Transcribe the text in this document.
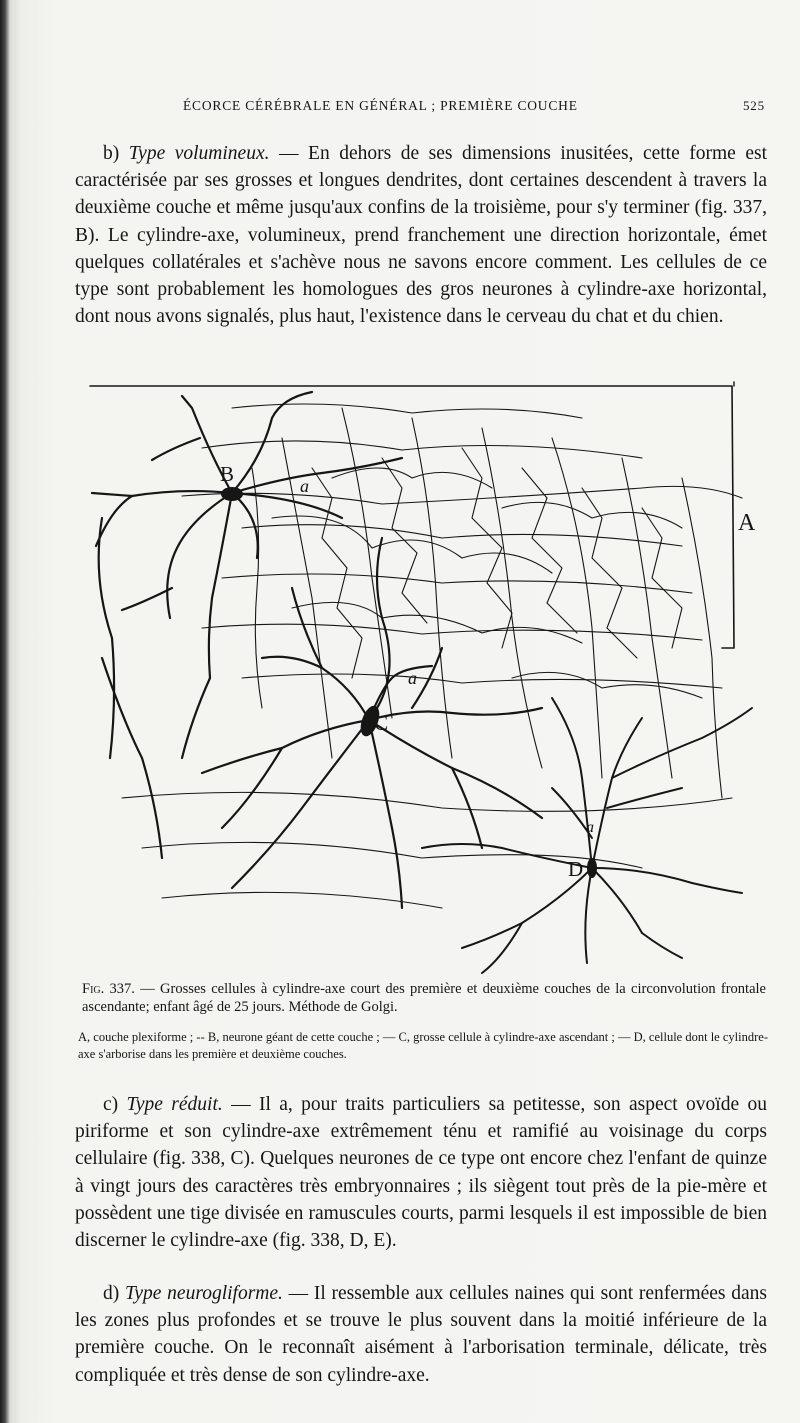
ÉCORCE CÉRÉBRALE EN GÉNÉRAL ; PREMIÈRE COUCHE	525

b) Type volumineux. — En dehors de ses dimensions inusitées, cette forme est caractérisée par ses grosses et longues dendrites, dont certaines descendent à travers la deuxième couche et même jusqu'aux confins de la troisième, pour s'y terminer (fig. 337, B). Le cylindre-axe, volumineux, prend franchement une direction horizontale, émet quelques collatérales et s'achève nous ne savons encore comment. Les cellules de ce type sont probablement les homologues des gros neurones à cylindre-axe horizontal, dont nous avons signalés, plus haut, l'existence dans le cerveau du chat et du chien.

B
C
D
A
a
a
a

Fig. 337. — Grosses cellules à cylindre-axe court des première et deuxième couches de la circonvolution frontale ascendante; enfant âgé de 25 jours. Méthode de Golgi.

A, couche plexiforme ; -- B, neurone géant de cette couche ; — C, grosse cellule à cylindre-axe ascendant ; — D, cellule dont le cylindre-axe s'arborise dans les première et deuxième couches.

c) Type réduit. — Il a, pour traits particuliers sa petitesse, son aspect ovoïde ou piriforme et son cylindre-axe extrêmement ténu et ramifié au voisinage du corps cellulaire (fig. 338, C). Quelques neurones de ce type ont encore chez l'enfant de quinze à vingt jours des caractères très embryonnaires ; ils siègent tout près de la pie-mère et possèdent une tige divisée en ramuscules courts, parmi lesquels il est impossible de bien discerner le cylindre-axe (fig. 338, D, E).

d) Type neurogliforme. — Il ressemble aux cellules naines qui sont renfermées dans les zones plus profondes et se trouve le plus souvent dans la moitié inférieure de la première couche. On le reconnaît aisément à l'arborisation terminale, délicate, très compliquée et très dense de son cylindre-axe.
